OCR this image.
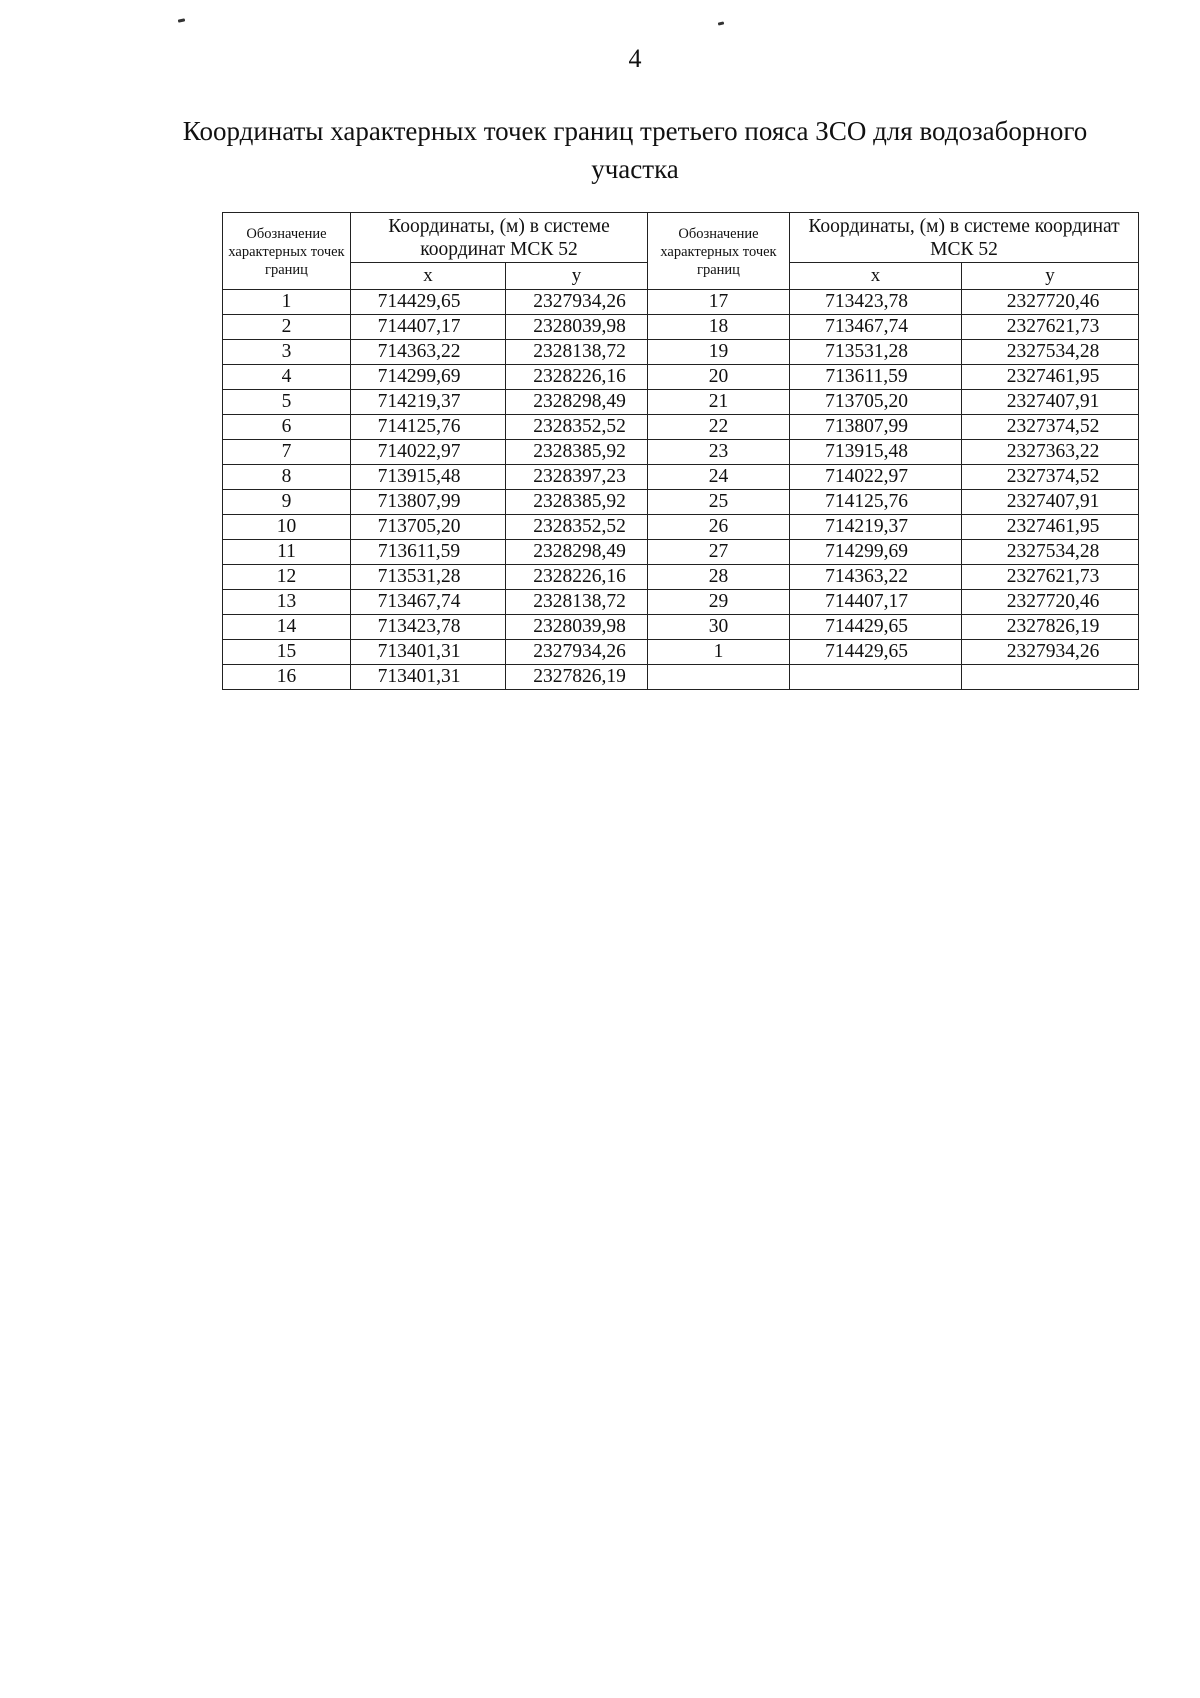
4
Координаты характерных точек границ третьего пояса ЗСО для водозаборного участка
Обозначение характерных точек границ	Координаты, (м) в системе координат МСК 52		Обозначение характерных точек границ	Координаты, (м) в системе координат МСК 52	
	х	у		х	у
1	714429,65	2327934,26	17	713423,78	2327720,46
2	714407,17	2328039,98	18	713467,74	2327621,73
3	714363,22	2328138,72	19	713531,28	2327534,28
4	714299,69	2328226,16	20	713611,59	2327461,95
5	714219,37	2328298,49	21	713705,20	2327407,91
6	714125,76	2328352,52	22	713807,99	2327374,52
7	714022,97	2328385,92	23	713915,48	2327363,22
8	713915,48	2328397,23	24	714022,97	2327374,52
9	713807,99	2328385,92	25	714125,76	2327407,91
10	713705,20	2328352,52	26	714219,37	2327461,95
11	713611,59	2328298,49	27	714299,69	2327534,28
12	713531,28	2328226,16	28	714363,22	2327621,73
13	713467,74	2328138,72	29	714407,17	2327720,46
14	713423,78	2328039,98	30	714429,65	2327826,19
15	713401,31	2327934,26	1	714429,65	2327934,26
16	713401,31	2327826,19			
